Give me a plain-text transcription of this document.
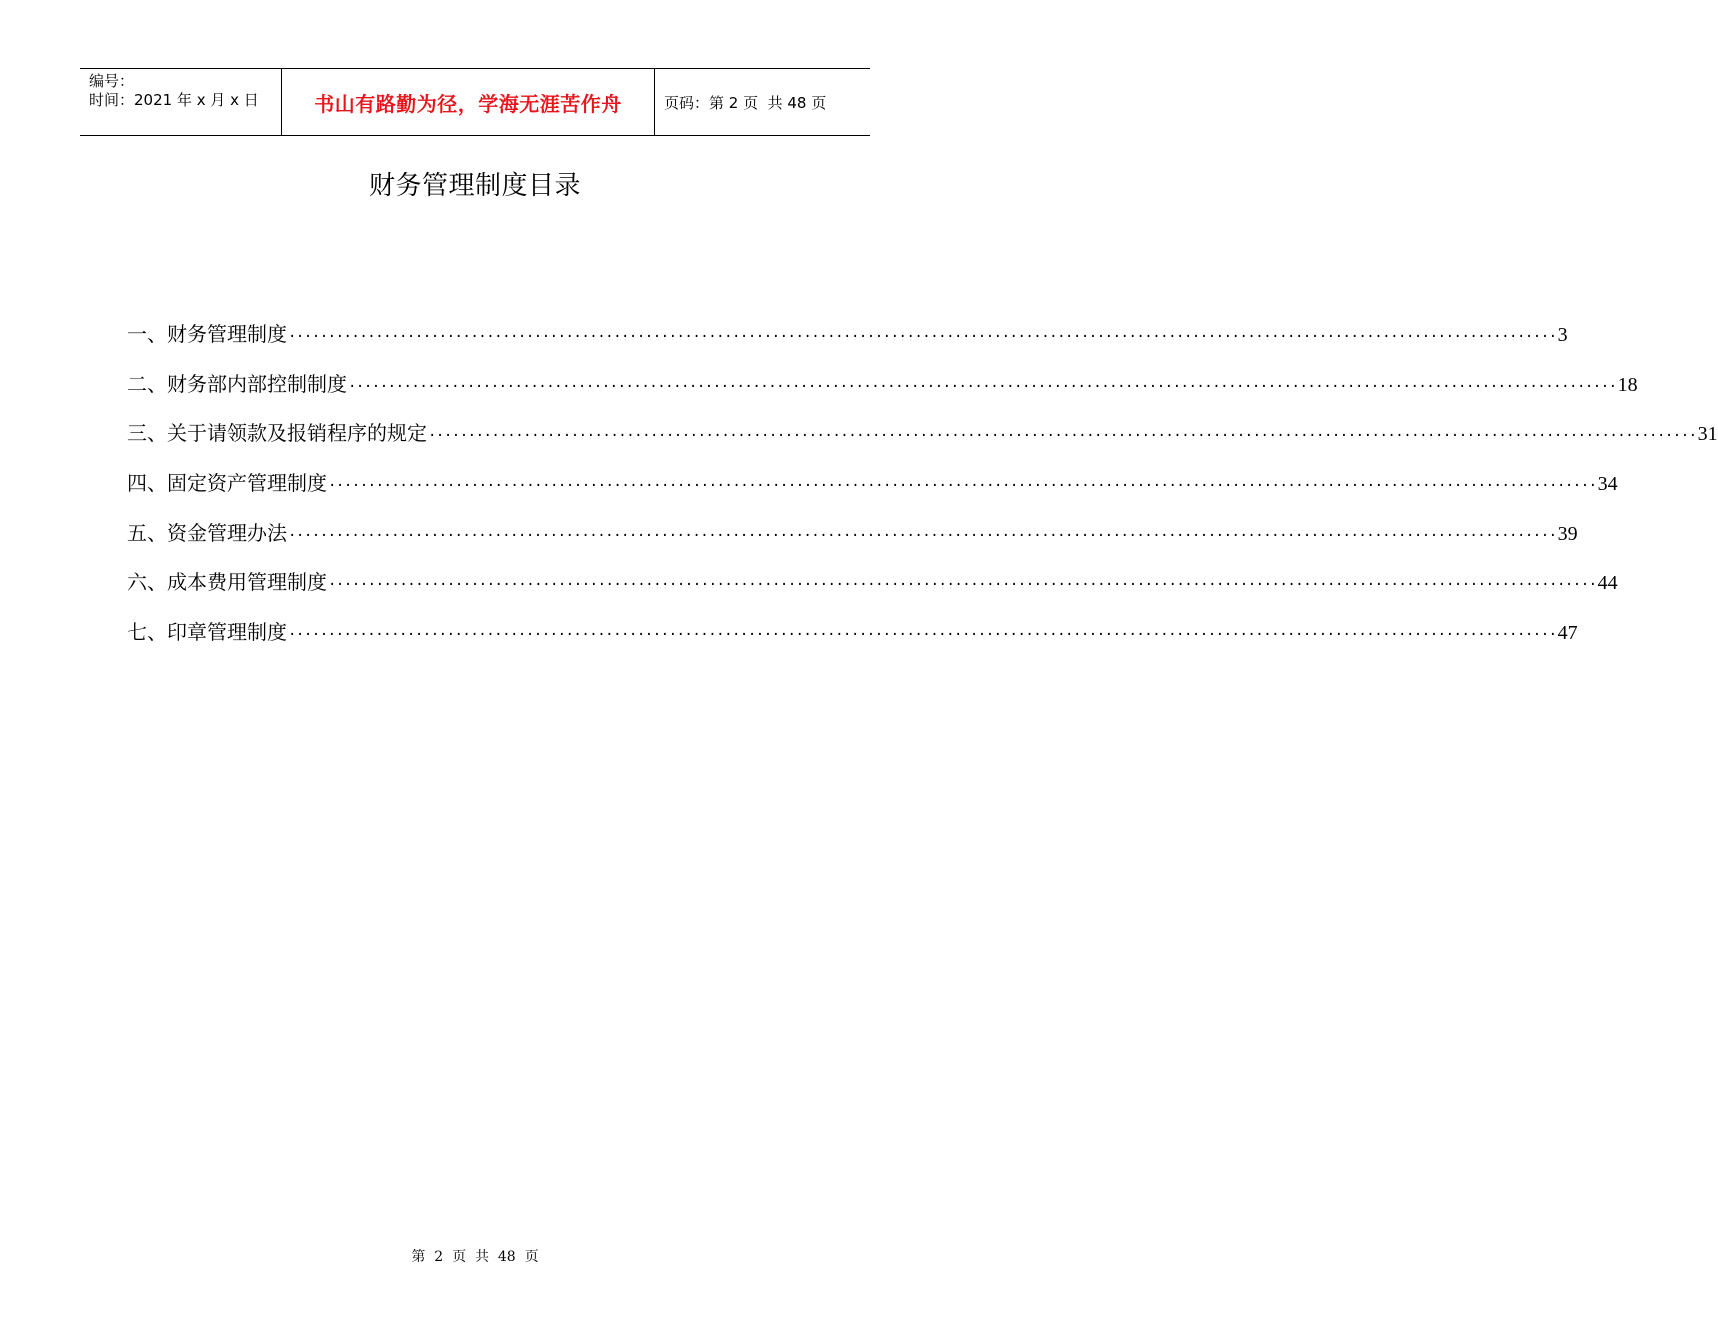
编号：
时间：2021 年 x 月 x 日	书山有路勤为径，学海无涯苦作舟	页码：第 2 页  共 48 页
财务管理制度目录
一、财务管理制度 ································································································································································ 3
二、财务部内部控制制度 ································································································································································ 18
三、关于请领款及报销程序的规定 ································································································································································ 31
四、固定资产管理制度 ································································································································································ 34
五、资金管理办法 ································································································································································ 39
六、成本费用管理制度 ································································································································································ 44
七、印章管理制度 ································································································································································ 47
第  2  页  共  48  页
